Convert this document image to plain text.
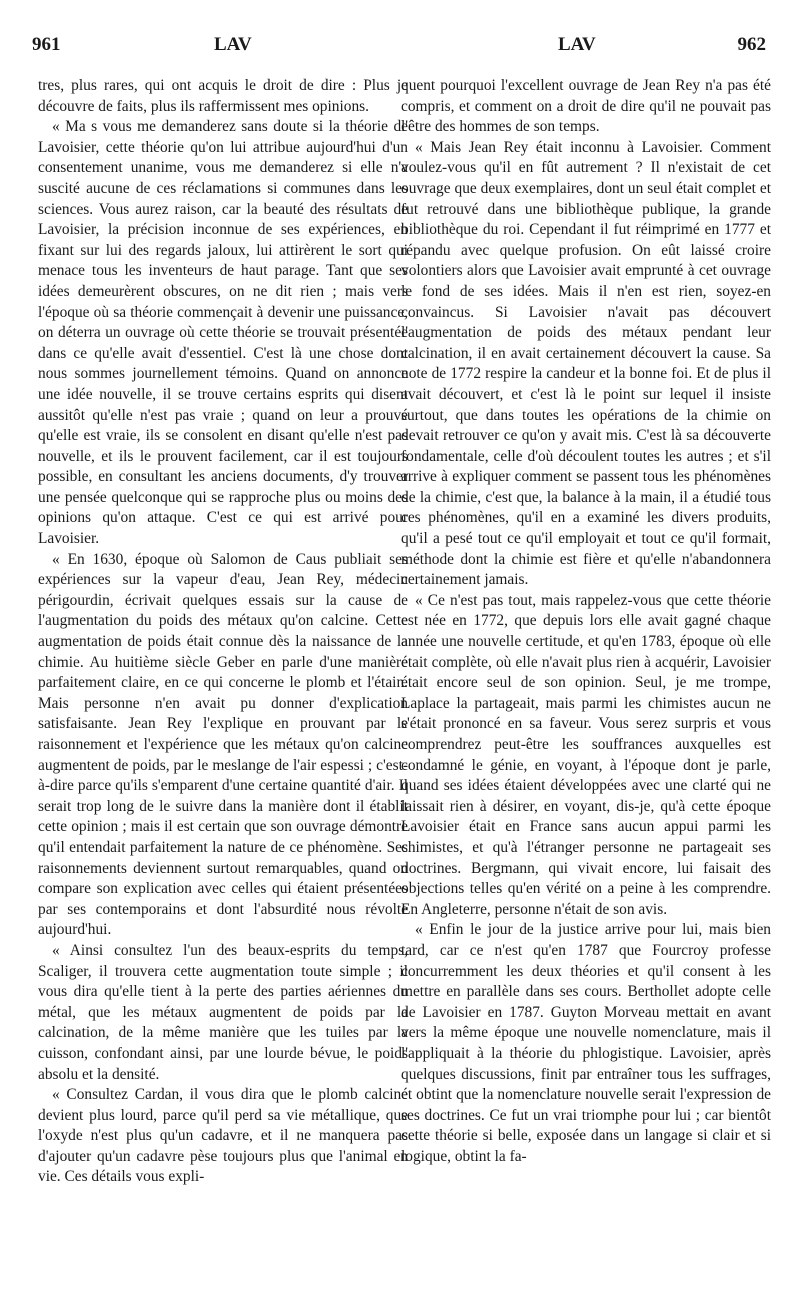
961	LAV	LAV	962

tres, plus rares, qui ont acquis le droit de dire : Plus je découvre de faits, plus ils raffermissent mes opinions.

« Ma s vous me demanderez sans doute si la théorie de Lavoisier, cette théorie qu'on lui attribue aujourd'hui d'un consentement unanime, vous me demanderez si elle n'a suscité aucune de ces réclamations si communes dans les sciences. Vous aurez raison, car la beauté des résultats de Lavoisier, la précision inconnue de ses expériences, en fixant sur lui des regards jaloux, lui attirèrent le sort qui menace tous les inventeurs de haut parage. Tant que ses idées demeurèrent obscures, on ne dit rien ; mais vers l'époque où sa théorie commençait à devenir une puissance, on déterra un ouvrage où cette théorie se trouvait présentée dans ce qu'elle avait d'essentiel. C'est là une chose dont nous sommes journellement témoins. Quand on annonce une idée nouvelle, il se trouve certains esprits qui disent aussitôt qu'elle n'est pas vraie ; quand on leur a prouvé qu'elle est vraie, ils se consolent en disant qu'elle n'est pas nouvelle, et ils le prouvent facilement, car il est toujours possible, en consultant les anciens documents, d'y trouver une pensée quelconque qui se rapproche plus ou moins des opinions qu'on attaque. C'est ce qui est arrivé pour Lavoisier.

« En 1630, époque où Salomon de Caus publiait ses expériences sur la vapeur d'eau, Jean Rey, médecin périgourdin, écrivait quelques essais sur la cause de l'augmentation du poids des métaux qu'on calcine. Cette augmentation de poids était connue dès la naissance de la chimie. Au huitième siècle Geber en parle d'une manière parfaitement claire, en ce qui concerne le plomb et l'étain. Mais personne n'en avait pu donner d'explication satisfaisante. Jean Rey l'explique en prouvant par le raisonnement et l'expérience que les métaux qu'on calcine augmentent de poids, par le meslange de l'air espessi ; c'est-à-dire parce qu'ils s'emparent d'une certaine quantité d'air. Il serait trop long de le suivre dans la manière dont il établit cette opinion ; mais il est certain que son ouvrage démontre qu'il entendait parfaitement la nature de ce phénomène. Ses raisonnements deviennent surtout remarquables, quand on compare son explication avec celles qui étaient présentées par ses contemporains et dont l'absurdité nous révolte aujourd'hui.

« Ainsi consultez l'un des beaux-esprits du temps, Scaliger, il trouvera cette augmentation toute simple ; il vous dira qu'elle tient à la perte des parties aériennes du métal, que les métaux augmentent de poids par la calcination, de la même manière que les tuiles par la cuisson, confondant ainsi, par une lourde bévue, le poids absolu et la densité.

« Consultez Cardan, il vous dira que le plomb calciné devient plus lourd, parce qu'il perd sa vie métallique, que l'oxyde n'est plus qu'un cadavre, et il ne manquera pas d'ajouter qu'un cadavre pèse toujours plus que l'animal en vie. Ces détails vous expli-

quent pourquoi l'excellent ouvrage de Jean Rey n'a pas été compris, et comment on a droit de dire qu'il ne pouvait pas l'être des hommes de son temps.

« Mais Jean Rey était inconnu à Lavoisier. Comment voulez-vous qu'il en fût autrement ? Il n'existait de cet ouvrage que deux exemplaires, dont un seul était complet et fut retrouvé dans une bibliothèque publique, la grande bibliothèque du roi. Cependant il fut réimprimé en 1777 et répandu avec quelque profusion. On eût laissé croire volontiers alors que Lavoisier avait emprunté à cet ouvrage le fond de ses idées. Mais il n'en est rien, soyez-en convaincus. Si Lavoisier n'avait pas découvert l'augmentation de poids des métaux pendant leur calcination, il en avait certainement découvert la cause. Sa note de 1772 respire la candeur et la bonne foi. Et de plus il avait découvert, et c'est là le point sur lequel il insiste surtout, que dans toutes les opérations de la chimie on devait retrouver ce qu'on y avait mis. C'est là sa découverte fondamentale, celle d'où découlent toutes les autres ; et s'il arrive à expliquer comment se passent tous les phénomènes de la chimie, c'est que, la balance à la main, il a étudié tous ces phénomènes, qu'il en a examiné les divers produits, qu'il a pesé tout ce qu'il employait et tout ce qu'il formait, méthode dont la chimie est fière et qu'elle n'abandonnera certainement jamais.

« Ce n'est pas tout, mais rappelez-vous que cette théorie est née en 1772, que depuis lors elle avait gagné chaque année une nouvelle certitude, et qu'en 1783, époque où elle était complète, où elle n'avait plus rien à acquérir, Lavoisier était encore seul de son opinion. Seul, je me trompe, Laplace la partageait, mais parmi les chimistes aucun ne s'était prononcé en sa faveur. Vous serez surpris et vous comprendrez peut-être les souffrances auxquelles est condamné le génie, en voyant, à l'époque dont je parle, quand ses idées étaient développées avec une clarté qui ne laissait rien à désirer, en voyant, dis-je, qu'à cette époque Lavoisier était en France sans aucun appui parmi les chimistes, et qu'à l'étranger personne ne partageait ses doctrines. Bergmann, qui vivait encore, lui faisait des objections telles qu'en vérité on a peine à les comprendre. En Angleterre, personne n'était de son avis.

« Enfin le jour de la justice arrive pour lui, mais bien tard, car ce n'est qu'en 1787 que Fourcroy professe concurremment les deux théories et qu'il consent à les mettre en parallèle dans ses cours. Berthollet adopte celle de Lavoisier en 1787. Guyton Morveau mettait en avant vers la même époque une nouvelle nomenclature, mais il l'appliquait à la théorie du phlogistique. Lavoisier, après quelques discussions, finit par entraîner tous les suffrages, et obtint que la nomenclature nouvelle serait l'expression de ses doctrines. Ce fut un vrai triomphe pour lui ; car bientôt cette théorie si belle, exposée dans un langage si clair et si logique, obtint la fa-
